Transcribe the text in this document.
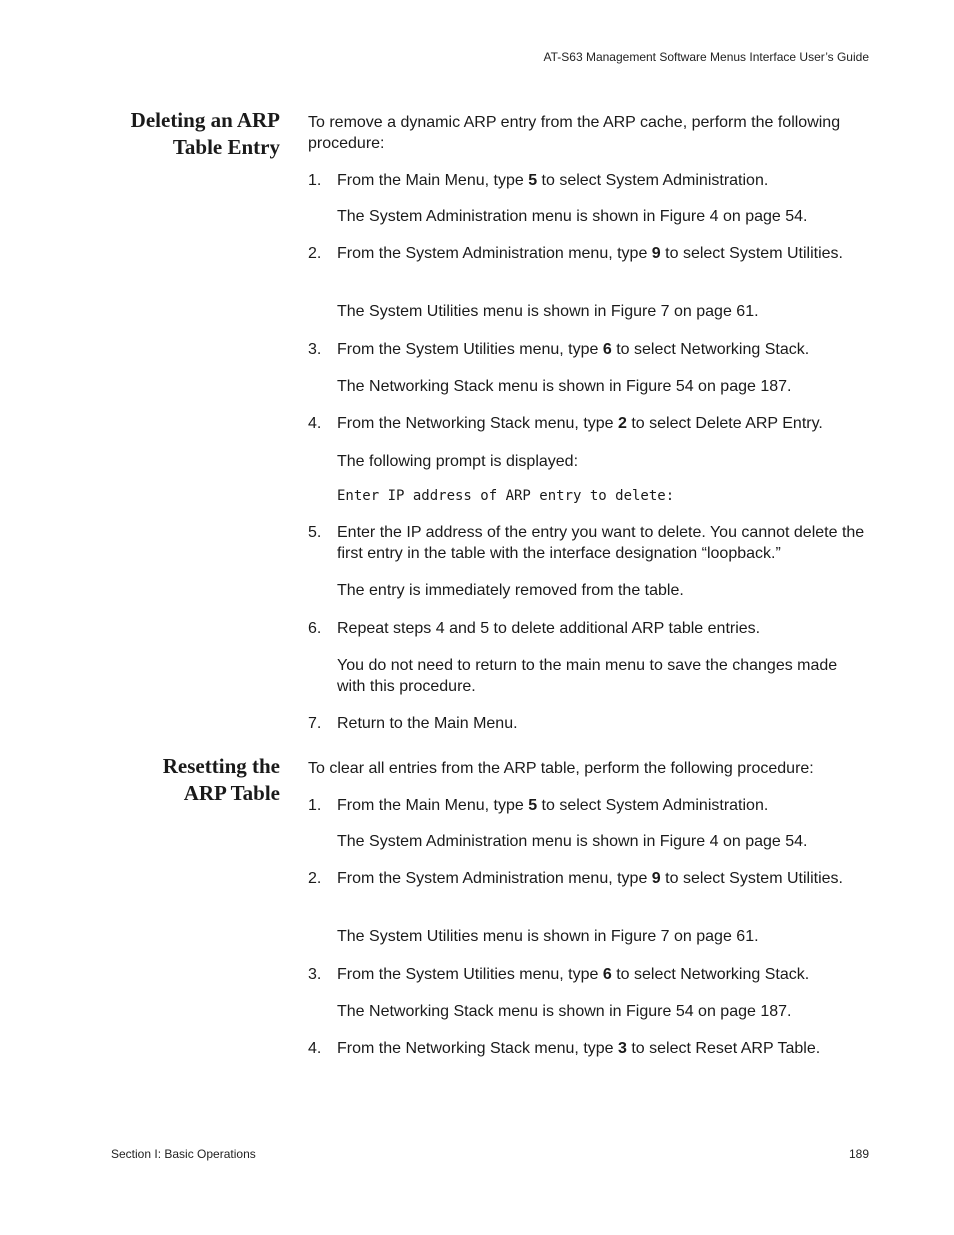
AT-S63 Management Software Menus Interface User’s Guide
Deleting an ARP
Table Entry
To remove a dynamic ARP entry from the ARP cache, perform the following procedure:
1. From the Main Menu, type 5 to select System Administration.
The System Administration menu is shown in Figure 4 on page 54.
2. From the System Administration menu, type 9 to select System Utilities.
The System Utilities menu is shown in Figure 7 on page 61.
3. From the System Utilities menu, type 6 to select Networking Stack.
The Networking Stack menu is shown in Figure 54 on page 187.
4. From the Networking Stack menu, type 2 to select Delete ARP Entry.
The following prompt is displayed:
Enter IP address of ARP entry to delete:
5. Enter the IP address of the entry you want to delete. You cannot delete the first entry in the table with the interface designation “loopback.”
The entry is immediately removed from the table.
6. Repeat steps 4 and 5 to delete additional ARP table entries.
You do not need to return to the main menu to save the changes made with this procedure.
7. Return to the Main Menu.
Resetting the
ARP Table
To clear all entries from the ARP table, perform the following procedure:
1. From the Main Menu, type 5 to select System Administration.
The System Administration menu is shown in Figure 4 on page 54.
2. From the System Administration menu, type 9 to select System Utilities.
The System Utilities menu is shown in Figure 7 on page 61.
3. From the System Utilities menu, type 6 to select Networking Stack.
The Networking Stack menu is shown in Figure 54 on page 187.
4. From the Networking Stack menu, type 3 to select Reset ARP Table.
Section I: Basic Operations	189
